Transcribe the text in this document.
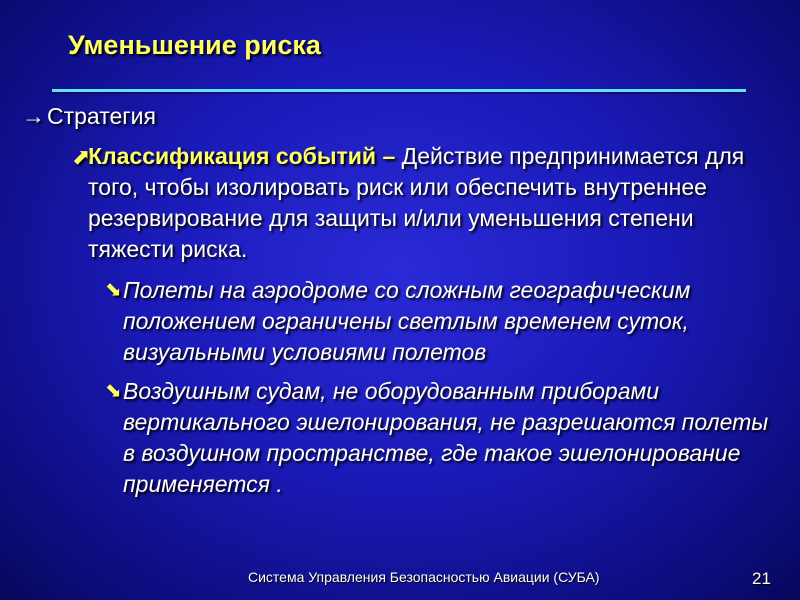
Уменьшение риска
→Стратегия
⬈
Классификация событий – Действие предпринимается для того, чтобы изолировать риск или обеспечить внутреннее резервирование для защиты и/или уменьшения степени тяжести риска.
⬊ Полеты на аэродроме со сложным географическим положением ограничены светлым временем суток, визуальными условиями полетов
⬊ Воздушным судам, не оборудованным приборами вертикального эшелонирования, не разрешаются полеты в воздушном пространстве, где такое эшелонирование применяется .
Система Управления Безопасностью Авиации (СУБА)	21
